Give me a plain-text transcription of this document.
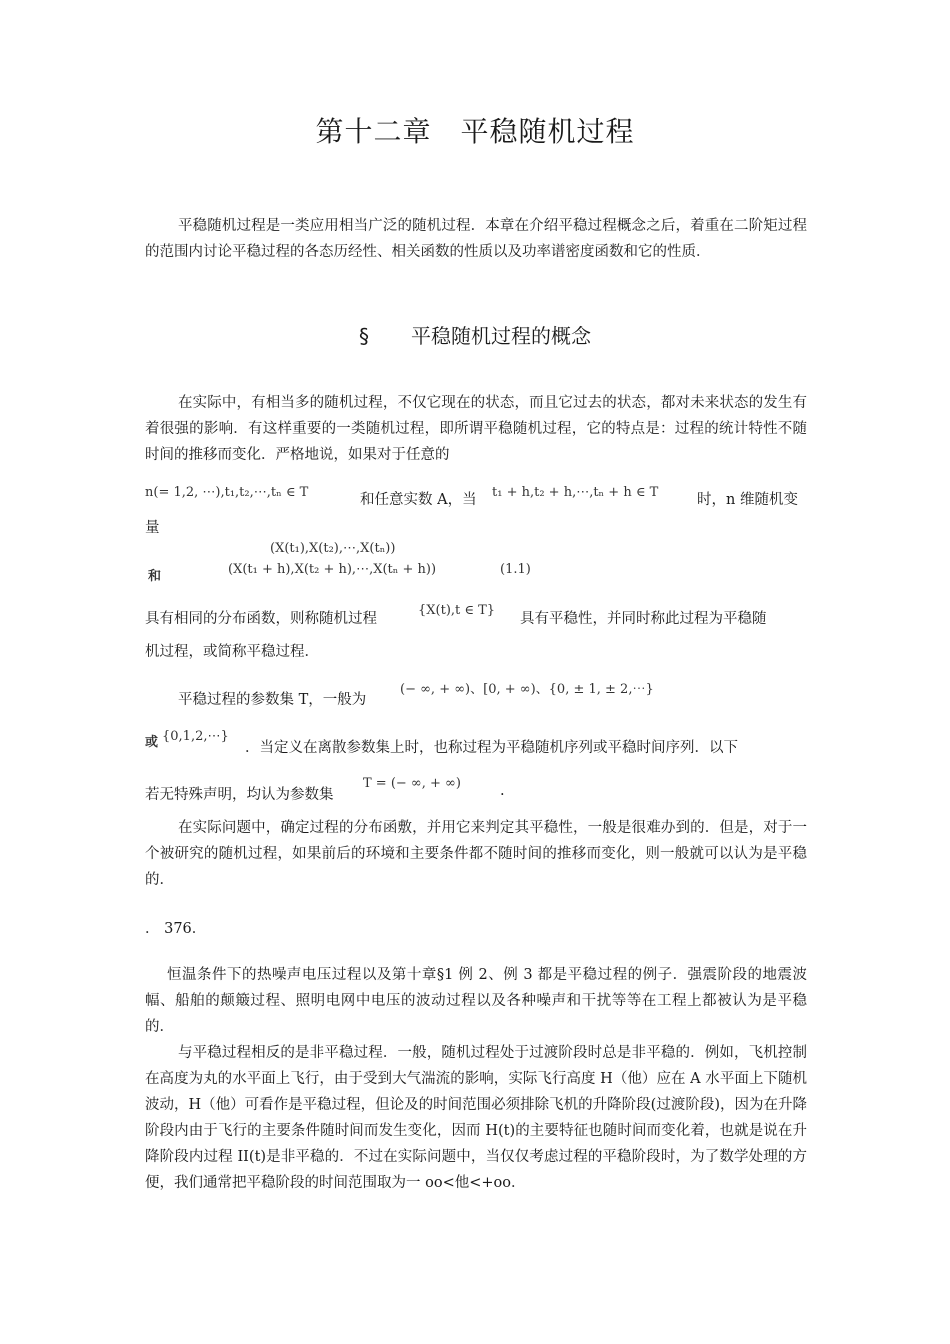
第十二章　平稳随机过程

平稳随机过程是一类应用相当广泛的随机过程．本章在介绍平稳过程概念之后，着重在二阶矩过程的范围内讨论平稳过程的各态历经性、相关函数的性质以及功率谱密度函数和它的性质．

§ 平稳随机过程的概念

在实际中，有相当多的随机过程，不仅它现在的状态，而且它过去的状态，都对未来状态的发生有着很强的影响．有这样重要的一类随机过程，即所谓平稳随机过程，它的特点是：过程的统计特性不随时间的推移而变化．严格地说，如果对于任意的

n(= 1,2, ⋯),t₁,t₂,⋯,tₙ ∈ T	和任意实数 A，当 t₁ + h,t₂ + h,⋯,tₙ + h ∈ T	时，n 维随机变
量
(X(t₁),X(t₂),⋯,X(tₙ))
和	(X(t₁ + h),X(t₂ + h),⋯,X(tₙ + h))	(1.1)
具有相同的分布函数，则称随机过程
{X(t),t ∈ T}
具有平稳性，并同时称此过程为平稳随
机过程，或简称平稳过程．
平稳过程的参数集 T，一般为
(− ∞, + ∞)、[0, + ∞)、{0, ± 1, ± 2,⋯}
或 {0,1,2,⋯}
．当定义在离散参数集上时，也称过程为平稳随机序列或平稳时间序列．以下
若无特殊声明，均认为参数集
T = (− ∞, + ∞)	.

在实际问题中，确定过程的分布函敷，并用它来判定其平稳性，一般是很难办到的．但是，对于一个被研究的随机过程，如果前后的环境和主要条件都不随时间的推移而变化，则一般就可以认为是平稳的．

． 376．

恒温条件下的热噪声电压过程以及第十章§1 例 2、例 3 都是平稳过程的例子．强震阶段的地震波幅、船舶的颠簸过程、照明电网中电压的波动过程以及各种噪声和干扰等等在工程上都被认为是平稳的．

与平稳过程相反的是非平稳过程．一般，随机过程处于过渡阶段时总是非平稳的．例如，飞机控制在高度为丸的水平面上飞行，由于受到大气湍流的影响，实际飞行高度 H（他）应在 A 水平面上下随机波动，H（他）可看作是平稳过程，但论及的时间范围必须排除飞机的升降阶段(过渡阶段)，因为在升降阶段内由于飞行的主要条件随时间而发生变化，因而 H(t)的主要特征也随时间而变化着，也就是说在升降阶段内过程 II(t)是非平稳的．不过在实际问题中，当仅仅考虑过程的平稳阶段时，为了数学处理的方便，我们通常把平稳阶段的时间范围取为一 oo<他<+oo．
